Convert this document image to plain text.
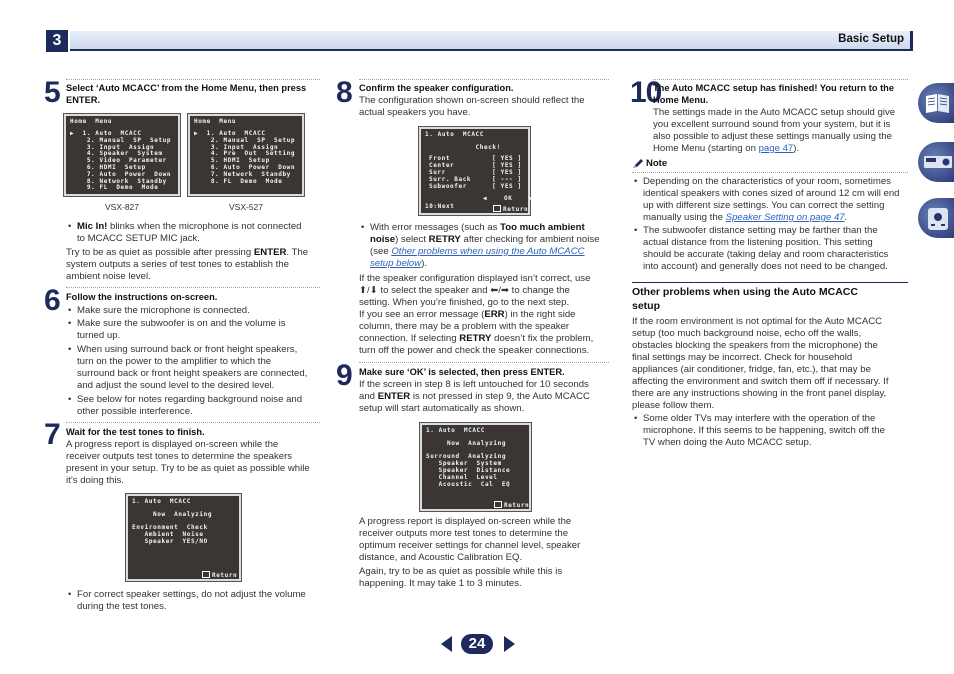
3	Basic Setup
5 Select ‘Auto MCACC’ from the Home Menu, then press
ENTER.
Home  Menu
▶  1. Auto  MCACC
2. Manual  SP  Setup
3. Input  Assign
4. Speaker  System
5. Video  Parameter
6. HDMI  Setup
7. Auto  Power  Down
8. Network  Standby
9. FL  Demo  Mode
VSX-827
Home  Menu
▶  1. Auto  MCACC
2. Manual  SP  Setup
3. Input  Assign
4. Pre  Out  Setting
5. HDMI  Setup
6. Auto  Power  Down
7. Network  Standby
8. FL  Demo  Mode
VSX-527
• Mic In! blinks when the microphone is not connected
to MCACC SETUP MIC jack.
Try to be as quiet as possible after pressing ENTER. The
system outputs a series of test tones to establish the
ambient noise level.
6 Follow the instructions on-screen.
• Make sure the microphone is connected.
• Make sure the subwoofer is on and the volume is
turned up.
• When using surround back or front height speakers,
turn on the power to the amplifier to which the
surround back or front height speakers are connected,
and adjust the sound level to the desired level.
• See below for notes regarding background noise and
other possible interference.
7 Wait for the test tones to finish.
A progress report is displayed on-screen while the
receiver outputs test tones to determine the speakers
present in your setup. Try to be as quiet as possible while
it’s doing this.
1. Auto  MCACC
Now  Analyzing
Environment  Check
Ambient  Noise
Speaker  YES/NO
Return
• For correct speaker settings, do not adjust the volume
during the test tones.
8 Confirm the speaker configuration.
The configuration shown on-screen should reflect the
actual speakers you have.
1. Auto  MCACC
Check!
Front          [ YES ]
Center         [ YES ]
Surr           [ YES ]
Surr. Back     [ --- ]
Subwoofer      [ YES ]
◀    OK    ▶
10:Next	Return
• With error messages (such as Too much ambient
noise) select RETRY after checking for ambient noise
(see Other problems when using the Auto MCACC
setup below).
If the speaker configuration displayed isn’t correct, use
⬆/⬇ to select the speaker and ⬅/➡ to change the
setting. When you’re finished, go to the next step.
If you see an error message (ERR) in the right side
column, there may be a problem with the speaker
connection. If selecting RETRY doesn’t fix the problem,
turn off the power and check the speaker connections.
9 Make sure ‘OK’ is selected, then press ENTER.
If the screen in step 8 is left untouched for 10 seconds
and ENTER is not pressed in step 9, the Auto MCACC
setup will start automatically as shown.
1. Auto  MCACC
Now  Analyzing
Surround  Analyzing
Speaker  System
Speaker  Distance
Channel  Level
Acoustic  Cal  EQ
Return
A progress report is displayed on-screen while the
receiver outputs more test tones to determine the
optimum receiver settings for channel level, speaker
distance, and Acoustic Calibration EQ.
Again, try to be as quiet as possible while this is
happening. It may take 1 to 3 minutes.
10
The Auto MCACC setup has finished! You return to the
Home Menu.
The settings made in the Auto MCACC setup should give
you excellent surround sound from your system, but it is
also possible to adjust these settings manually using the
Home Menu (starting on page 47).
Note
• Depending on the characteristics of your room, sometimes
identical speakers with cones sized of around 12 cm will end
up with different size settings. You can correct the setting
manually using the Speaker Setting on page 47.
• The subwoofer distance setting may be farther than the
actual distance from the listening position. This setting
should be accurate (taking delay and room characteristics
into account) and generally does not need to be changed.
Other problems when using the Auto MCACC
setup
If the room environment is not optimal for the Auto MCACC
setup (too much background noise, echo off the walls,
obstacles blocking the speakers from the microphone) the
final settings may be incorrect. Check for household
appliances (air conditioner, fridge, fan, etc.), that may be
affecting the environment and switch them off if necessary. If
there are any instructions showing in the front panel display,
please follow them.
• Some older TVs may interfere with the operation of the
microphone. If this seems to be happening, switch off the
TV when doing the Auto MCACC setup.
24
